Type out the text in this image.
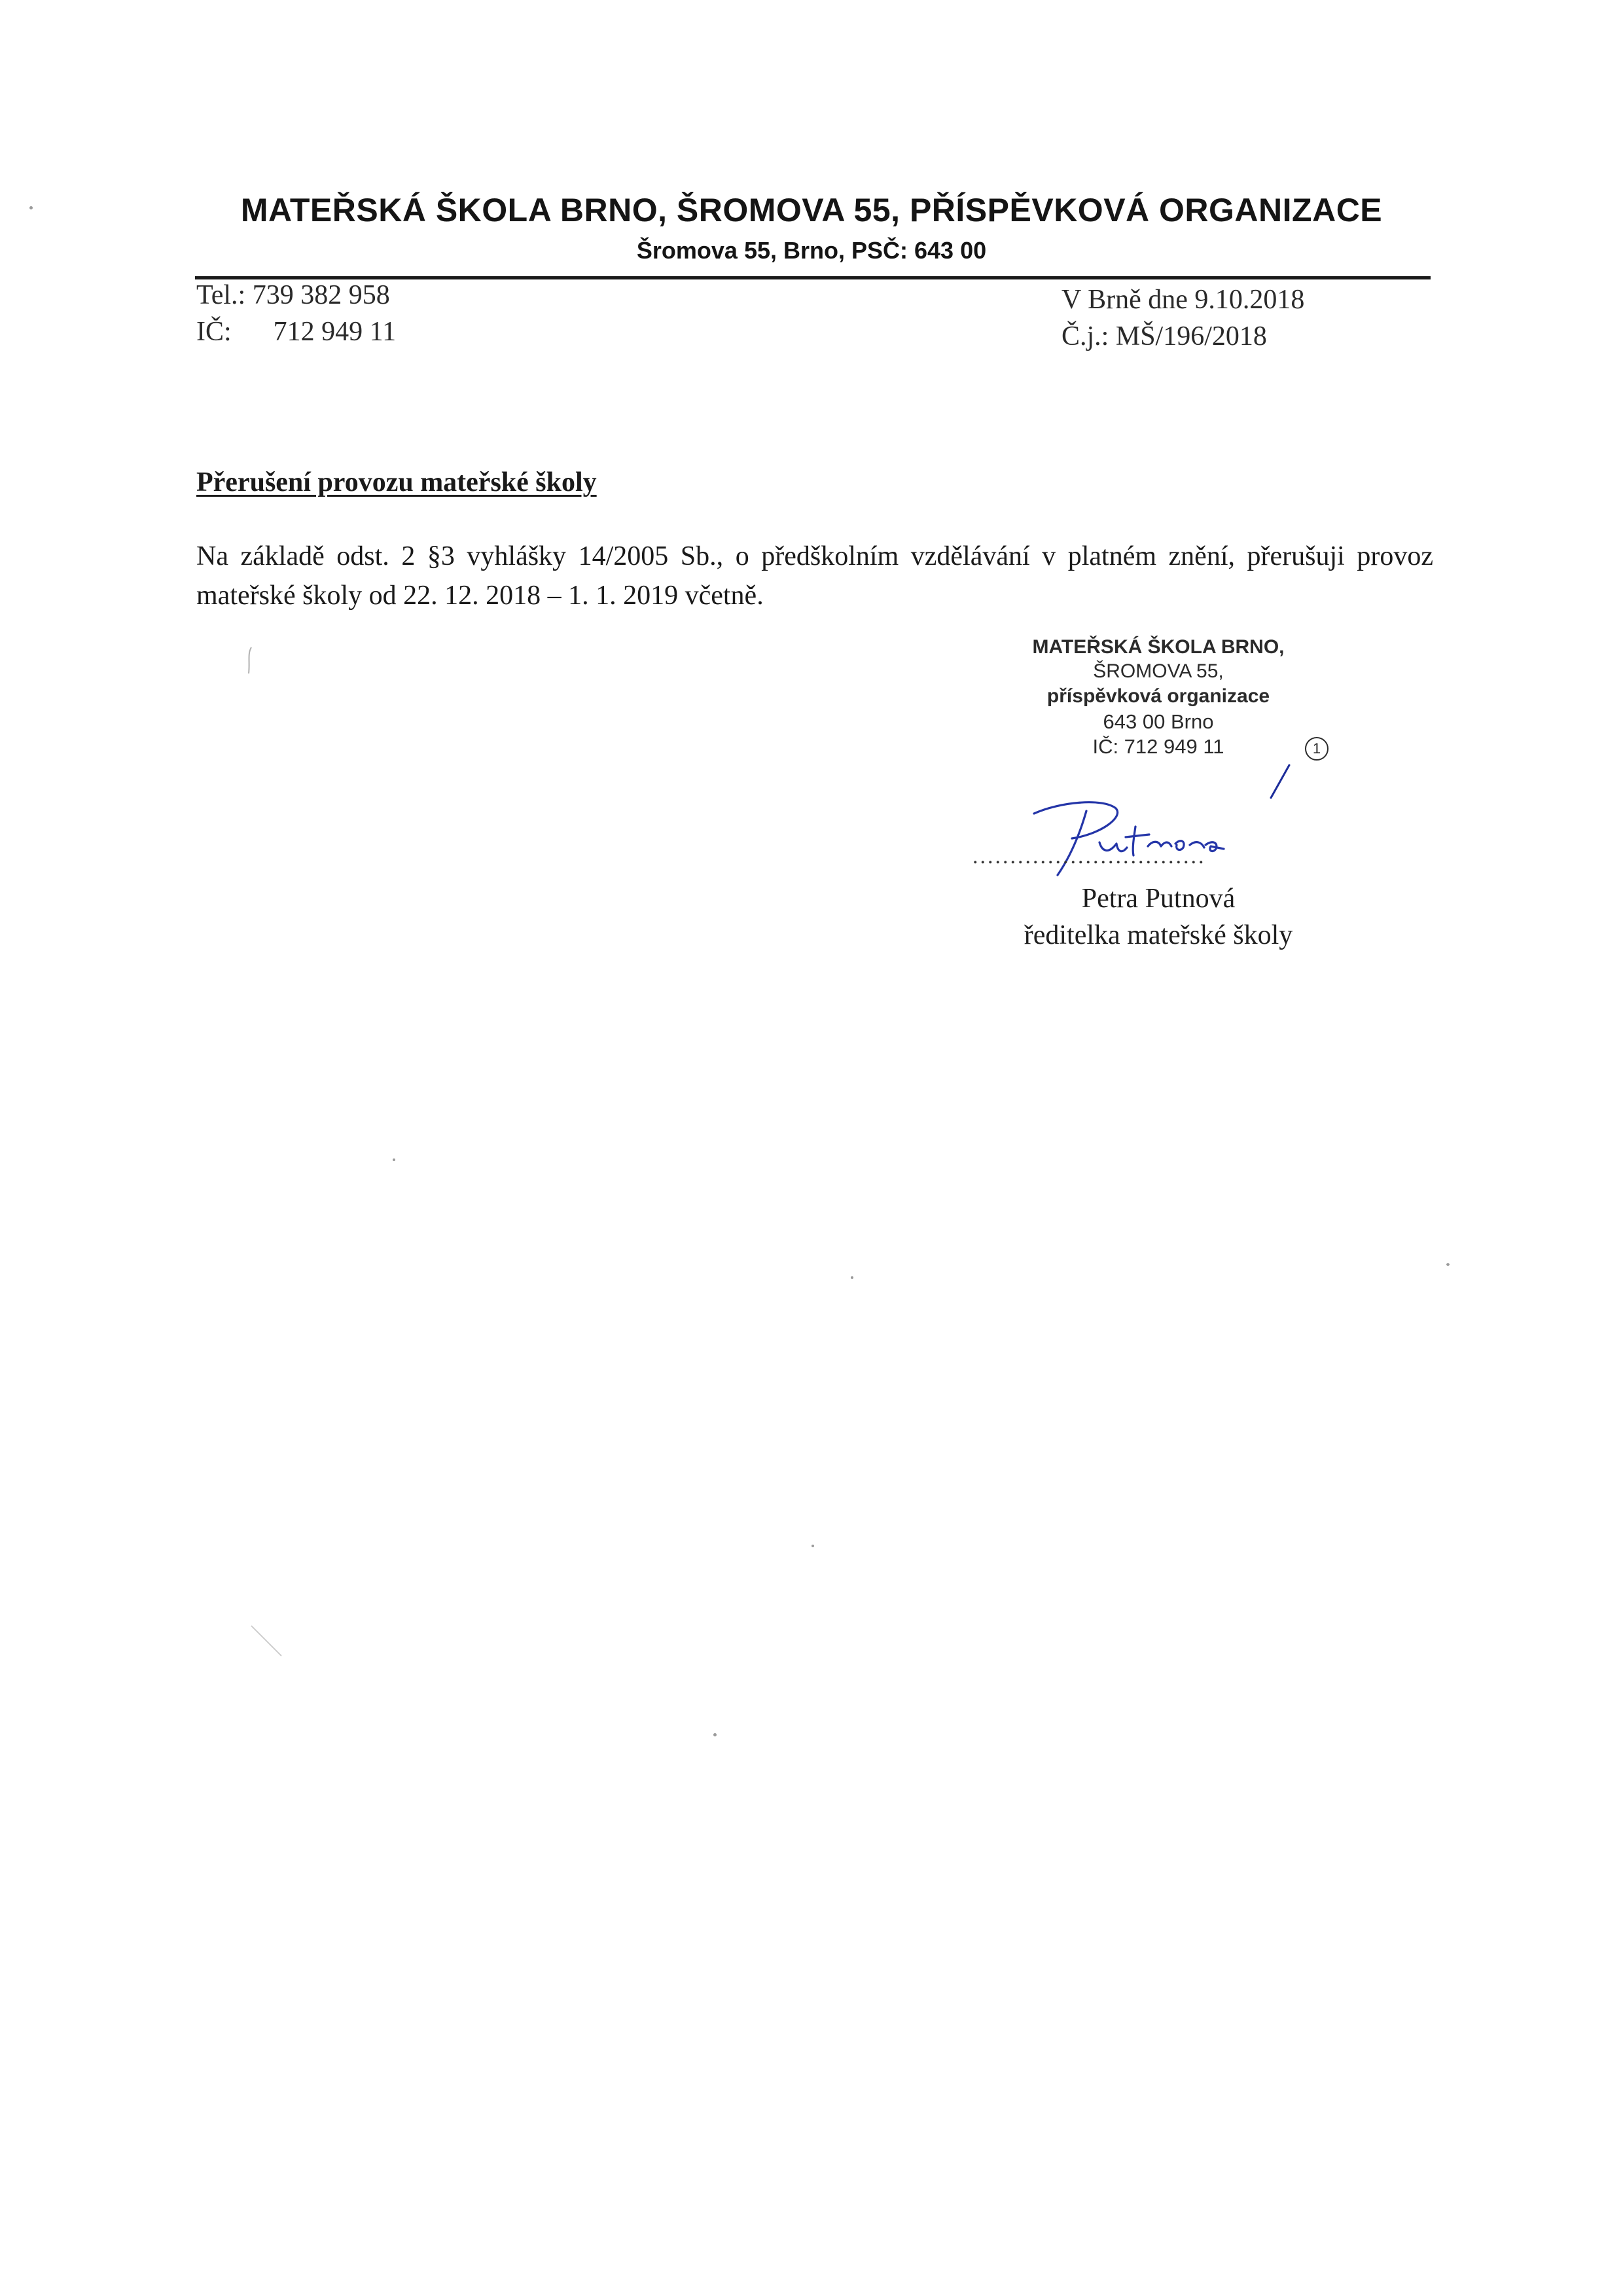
MATEŘSKÁ ŠKOLA BRNO, ŠROMOVA 55, PŘÍSPĚVKOVÁ ORGANIZACE
Šromova 55, Brno, PSČ: 643 00
Tel.: 739 382 958
IČ: 712 949 11
V Brně dne 9.10.2018
Č.j.: MŠ/196/2018
Přerušení provozu mateřské školy
Na základě odst. 2 §3 vyhlášky 14/2005 Sb., o předškolním vzdělávání v platném znění, přerušuji provoz mateřské školy od 22. 12. 2018 – 1. 1. 2019 včetně.
MATEŘSKÁ ŠKOLA BRNO,
ŠROMOVA 55,
příspěvková organizace
643 00 Brno
IČ: 712 949 11	1
...............................
Petra Putnová
ředitelka mateřské školy
